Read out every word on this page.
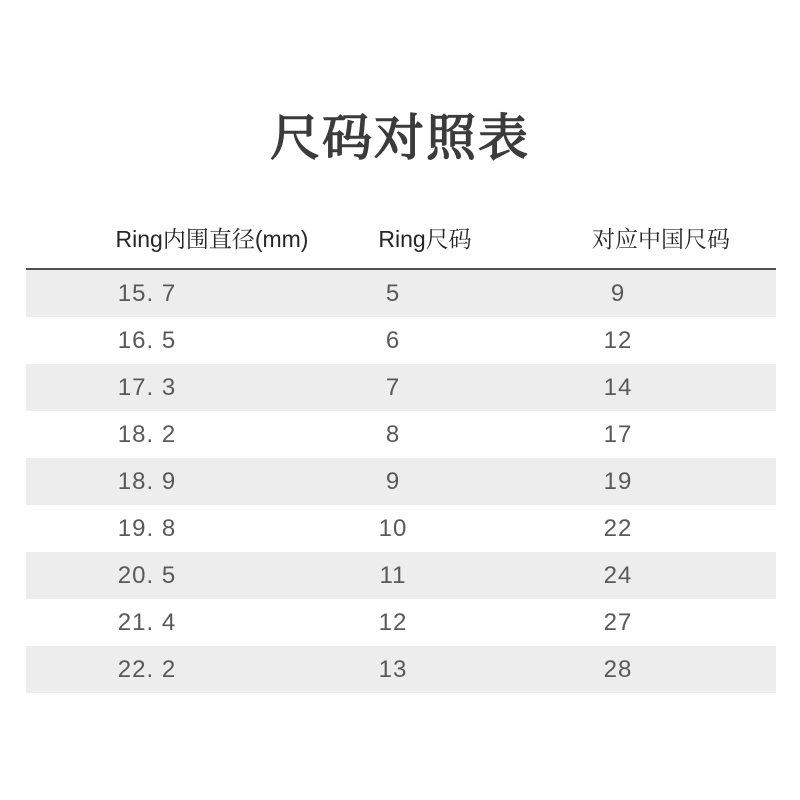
尺码对照表
Ring内围直径(mm)	Ring尺码	对应中国尺码
15. 7	5	9
16. 5	6	12
17. 3	7	14
18. 2	8	17
18. 9	9	19
19. 8	10	22
20. 5	11	24
21. 4	12	27
22. 2	13	28
